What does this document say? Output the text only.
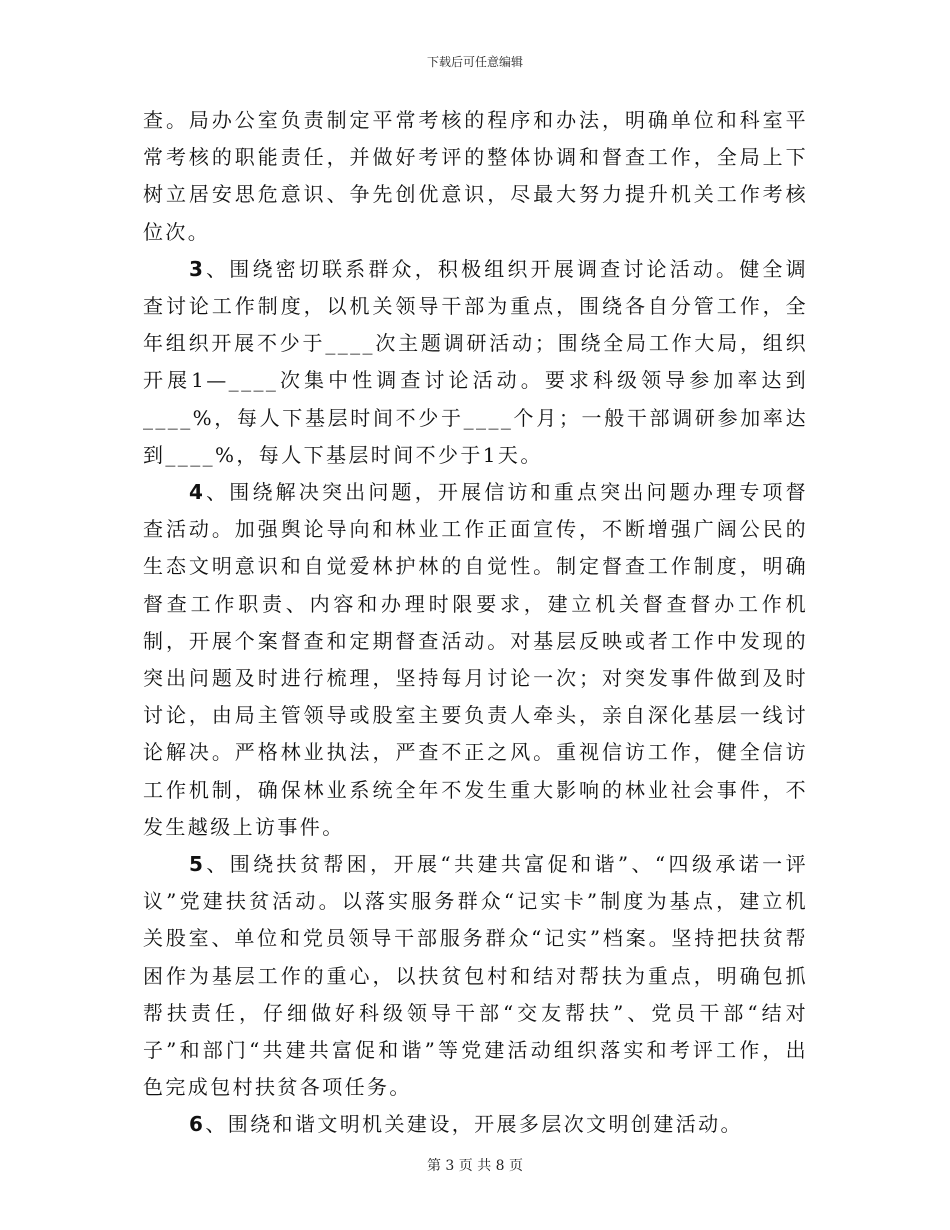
下载后可任意编辑

查。局办公室负责制定平常考核的程序和办法，明确单位和科室平常考核的职能责任，并做好考评的整体协调和督查工作，全局上下树立居安思危意识、争先创优意识，尽最大努力提升机关工作考核位次。

3、围绕密切联系群众，积极组织开展调查讨论活动。健全调查讨论工作制度，以机关领导干部为重点，围绕各自分管工作，全年组织开展不少于____次主题调研活动；围绕全局工作大局，组织开展1—____次集中性调查讨论活动。要求科级领导参加率达到____%，每人下基层时间不少于____个月；一般干部调研参加率达到____%，每人下基层时间不少于1天。

4、围绕解决突出问题，开展信访和重点突出问题办理专项督查活动。加强舆论导向和林业工作正面宣传，不断增强广阔公民的生态文明意识和自觉爱林护林的自觉性。制定督查工作制度，明确督查工作职责、内容和办理时限要求，建立机关督查督办工作机制，开展个案督查和定期督查活动。对基层反映或者工作中发现的突出问题及时进行梳理，坚持每月讨论一次；对突发事件做到及时讨论，由局主管领导或股室主要负责人牵头，亲自深化基层一线讨论解决。严格林业执法，严查不正之风。重视信访工作，健全信访工作机制，确保林业系统全年不发生重大影响的林业社会事件，不发生越级上访事件。

5、围绕扶贫帮困，开展“共建共富促和谐”、“四级承诺一评议”党建扶贫活动。以落实服务群众“记实卡”制度为基点，建立机关股室、单位和党员领导干部服务群众“记实”档案。坚持把扶贫帮困作为基层工作的重心，以扶贫包村和结对帮扶为重点，明确包抓帮扶责任，仔细做好科级领导干部“交友帮扶”、党员干部“结对子”和部门“共建共富促和谐”等党建活动组织落实和考评工作，出色完成包村扶贫各项任务。

6、围绕和谐文明机关建设，开展多层次文明创建活动。

第 3 页 共 8 页
